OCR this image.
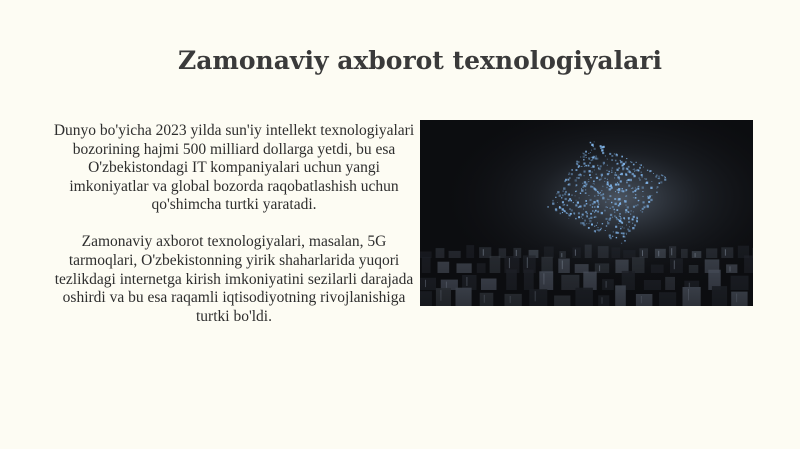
Zamonaviy axborot texnologiyalari

Dunyo bo'yicha 2023 yilda sun'iy intellekt texnologiyalari bozorining hajmi 500 milliard dollarga yetdi, bu esa O'zbekistondagi IT kompaniyalari uchun yangi imkoniyatlar va global bozorda raqobatlashish uchun qo'shimcha turtki yaratadi.

Zamonaviy axborot texnologiyalari, masalan, 5G tarmoqlari, O'zbekistonning yirik shaharlarida yuqori tezlikdagi internetga kirish imkoniyatini sezilarli darajada oshirdi va bu esa raqamli iqtisodiyotning rivojlanishiga turtki bo'ldi.
